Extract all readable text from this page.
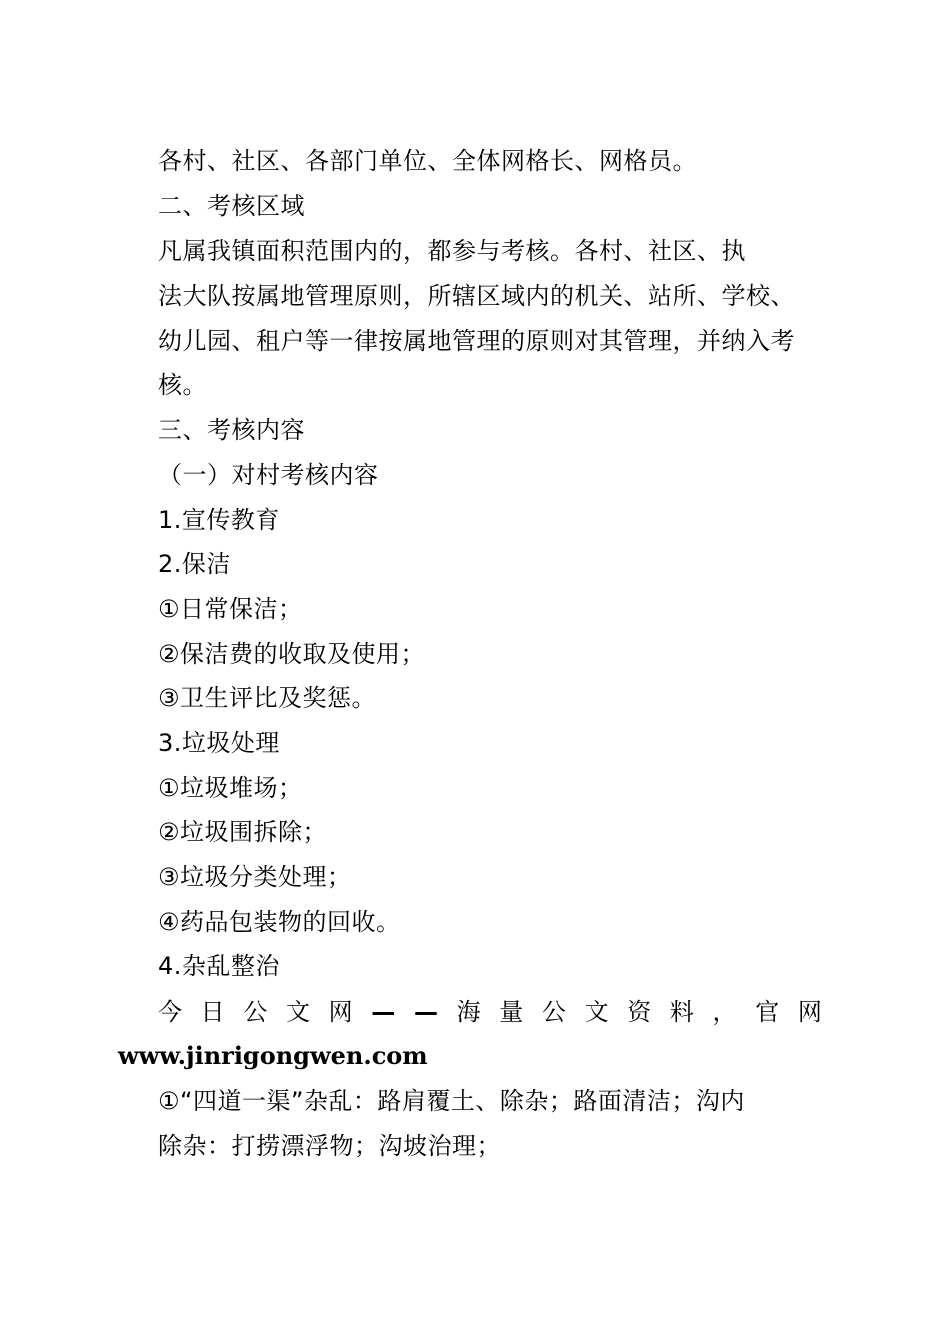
各村、社区、各部门单位、全体网格长、网格员。
二、考核区域
凡属我镇面积范围内的，都参与考核。各村、社区、执
法大队按属地管理原则，所辖区域内的机关、站所、学校、
幼儿园、租户等一律按属地管理的原则对其管理，并纳入考
核。
三、考核内容
（一）对村考核内容
1.宣传教育
2.保洁
①日常保洁；
②保洁费的收取及使用；
③卫生评比及奖惩。
3.垃圾处理
①垃圾堆场；
②垃圾围拆除；
③垃圾分类处理；
④药品包装物的回收。
4.杂乱整治
今 日 公 文 网 — — 海 量 公 文 资 料 ， 官 网
www.jinrigongwen.com
①“四道一渠”杂乱：路肩覆土、除杂；路面清洁；沟内
除杂：打捞漂浮物；沟坡治理；
